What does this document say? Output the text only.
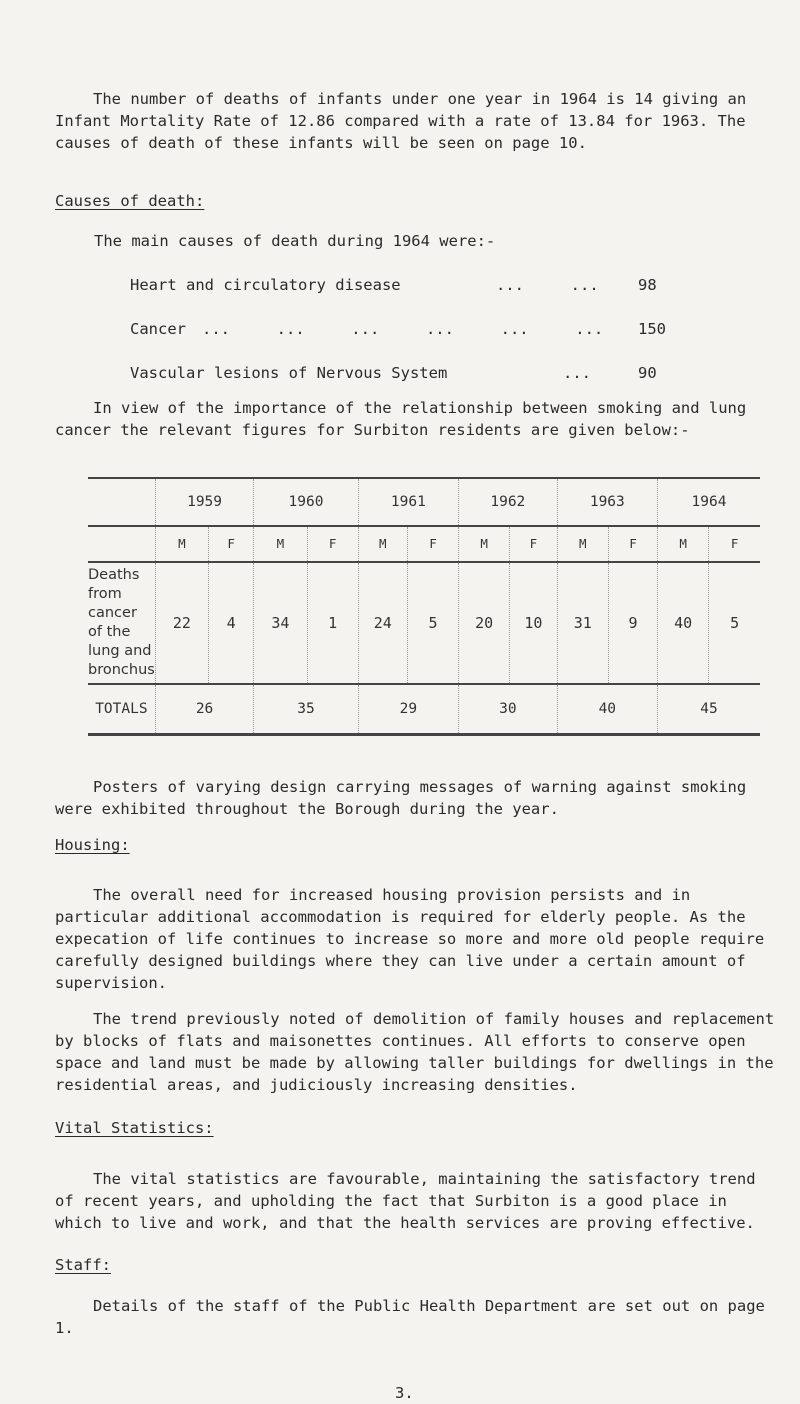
The number of deaths of infants under one year in 1964 is 14 giving an Infant Mortality Rate of 12.86 compared with a rate of 13.84 for 1963. The causes of death of these infants will be seen on page 10.

Causes of death:

The main causes of death during 1964 were:-

Heart and circulatory disease	...     ...	98

Cancer ...     ...     ...     ...     ...     ... 150

Vascular lesions of Nervous System	...	90

In view of the importance of the relationship between smoking and lung cancer the relevant figures for Surbiton residents are given below:-

	1959		1960		1961		1962		1963		1964	
	M	F	M	F	M	F	M	F	M	F	M	F
Deaths from cancer of the lung and bronchus	22	4	34	1	24	5	20	10	31	9	40	5
TOTALS	26		35		29		30		40		45	

Posters of varying design carrying messages of warning against smoking were exhibited throughout the Borough during the year.

Housing:

The overall need for increased housing provision persists and in particular additional accommodation is required for elderly people. As the expecation of life continues to increase so more and more old people require carefully designed buildings where they can live under a certain amount of supervision.

The trend previously noted of demolition of family houses and replacement by blocks of flats and maisonettes continues. All efforts to conserve open space and land must be made by allowing taller buildings for dwellings in the residential areas, and judiciously increasing densities.

Vital Statistics:

The vital statistics are favourable, maintaining the satisfactory trend of recent years, and upholding the fact that Surbiton is a good place in which to live and work, and that the health services are proving effective.

Staff:

Details of the staff of the Public Health Department are set out on page 1.

3.
